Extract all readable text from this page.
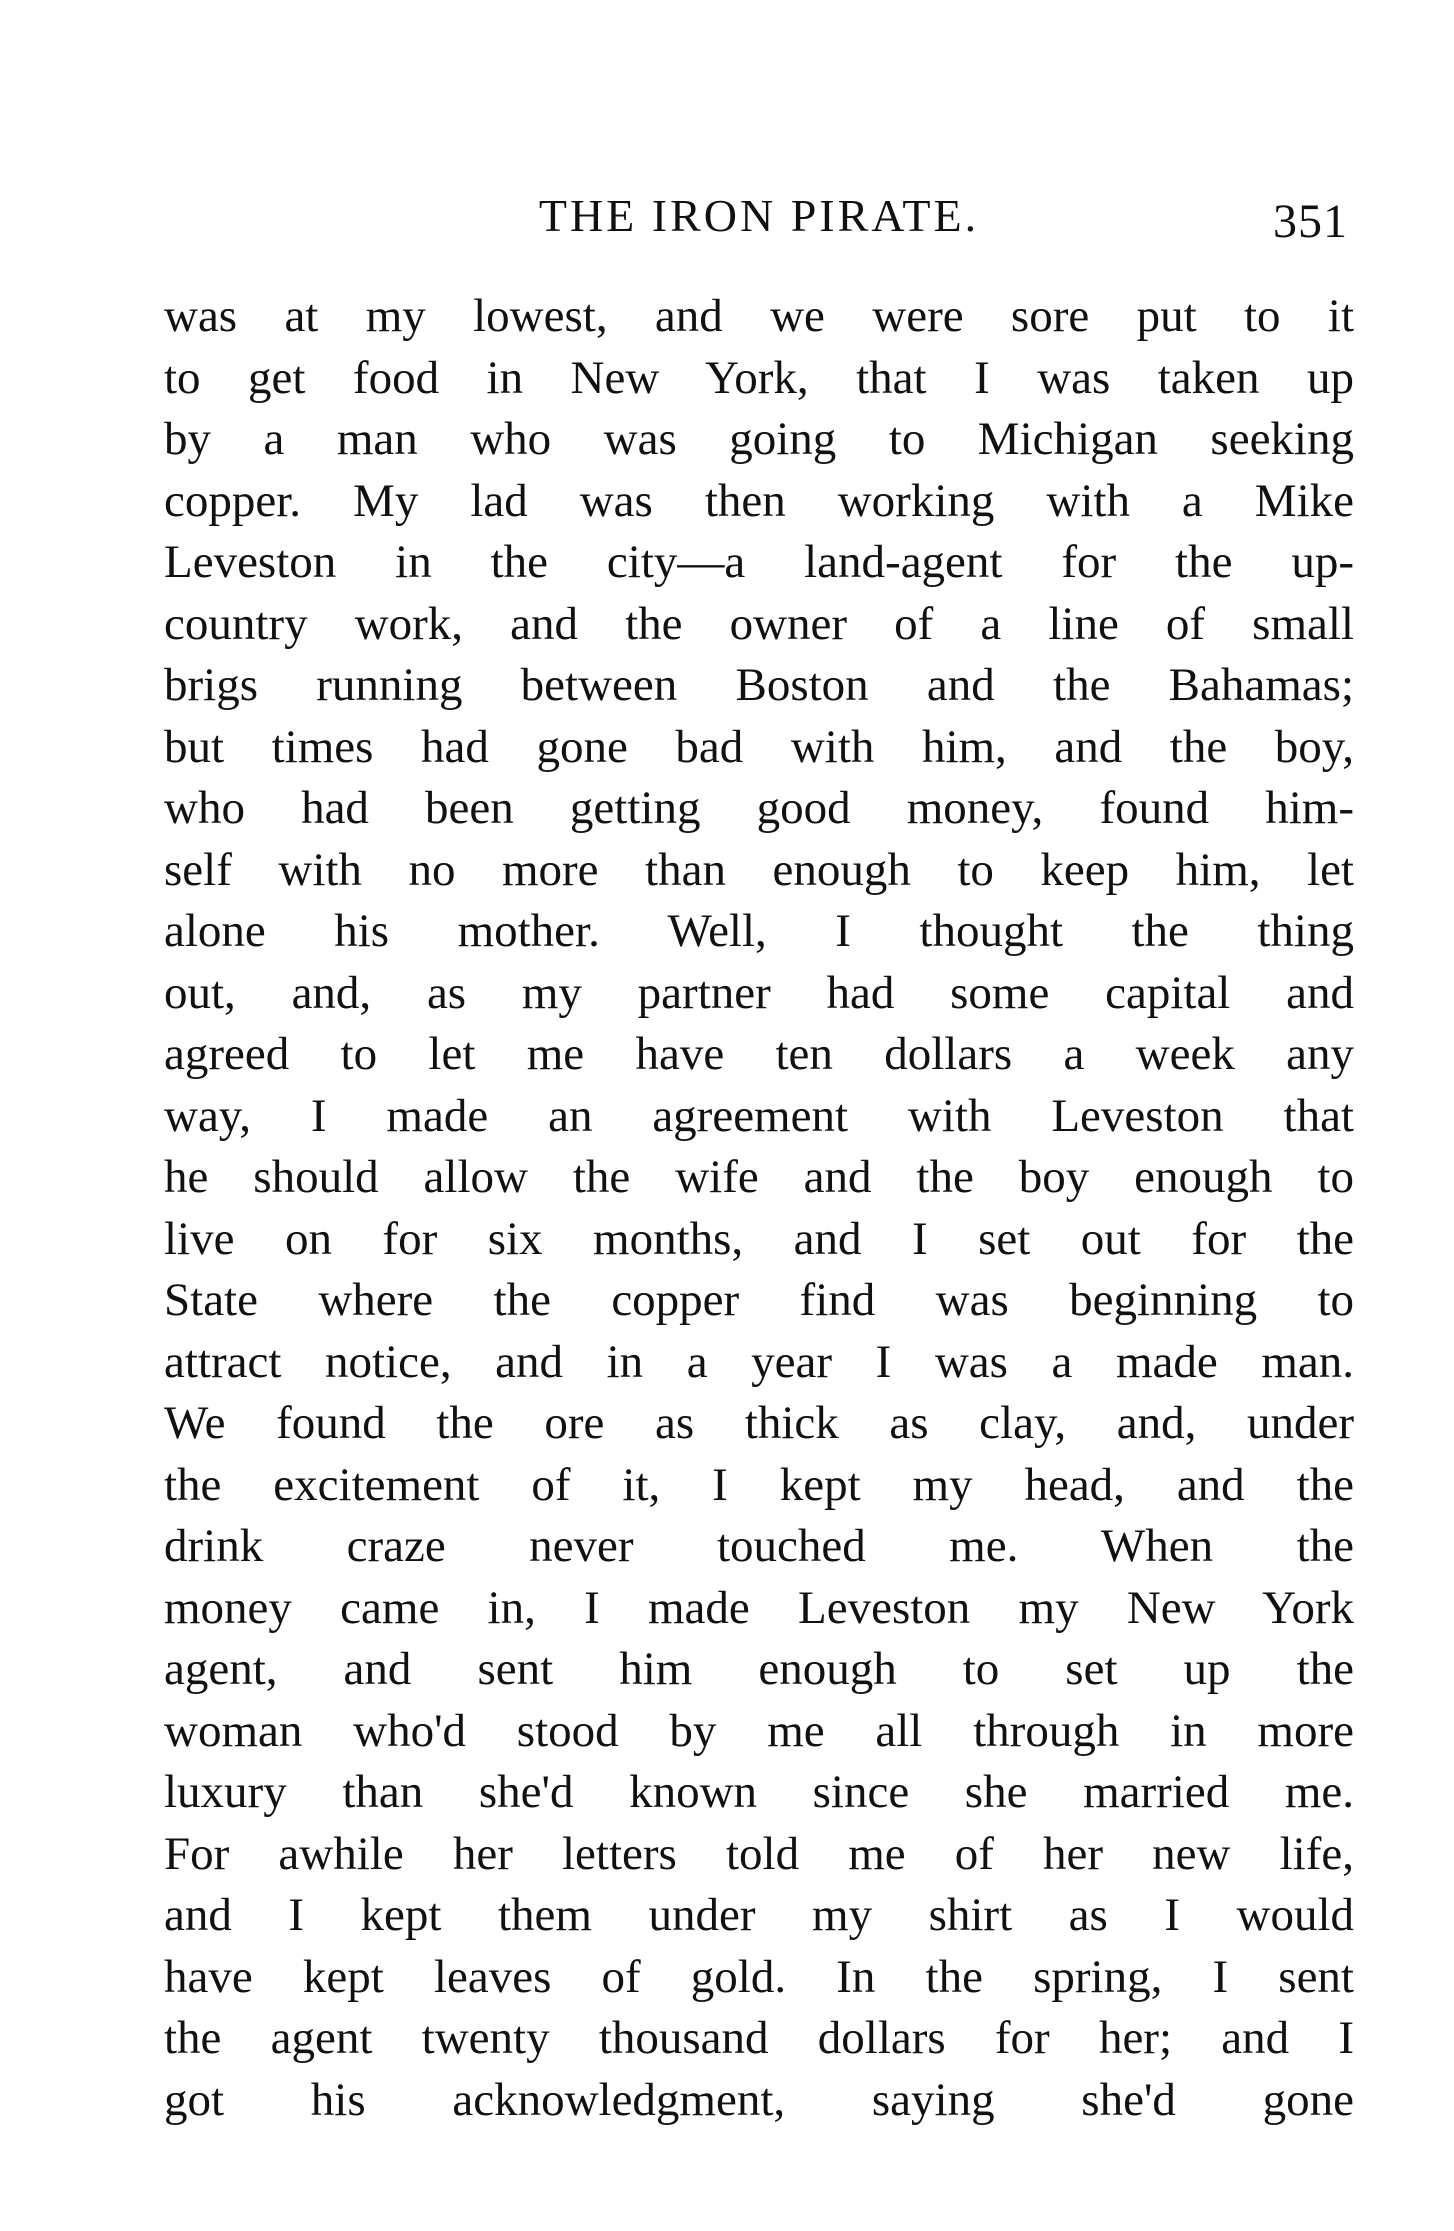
THE IRON PIRATE.	351
was at my lowest, and we were sore put to it
to get food in New York, that I was taken up
by a man who was going to Michigan seeking
copper. My lad was then working with a Mike
Leveston in the city—a land-agent for the up-
country work, and the owner of a line of small
brigs running between Boston and the Bahamas;
but times had gone bad with him, and the boy,
who had been getting good money, found him-
self with no more than enough to keep him, let
alone his mother. Well, I thought the thing
out, and, as my partner had some capital and
agreed to let me have ten dollars a week any
way, I made an agreement with Leveston that
he should allow the wife and the boy enough to
live on for six months, and I set out for the
State where the copper find was beginning to
attract notice, and in a year I was a made man.
We found the ore as thick as clay, and, under
the excitement of it, I kept my head, and the
drink craze never touched me. When the
money came in, I made Leveston my New York
agent, and sent him enough to set up the
woman who'd stood by me all through in more
luxury than she'd known since she married me.
For awhile her letters told me of her new life,
and I kept them under my shirt as I would
have kept leaves of gold. In the spring, I sent
the agent twenty thousand dollars for her; and I
got his acknowledgment, saying she'd gone
